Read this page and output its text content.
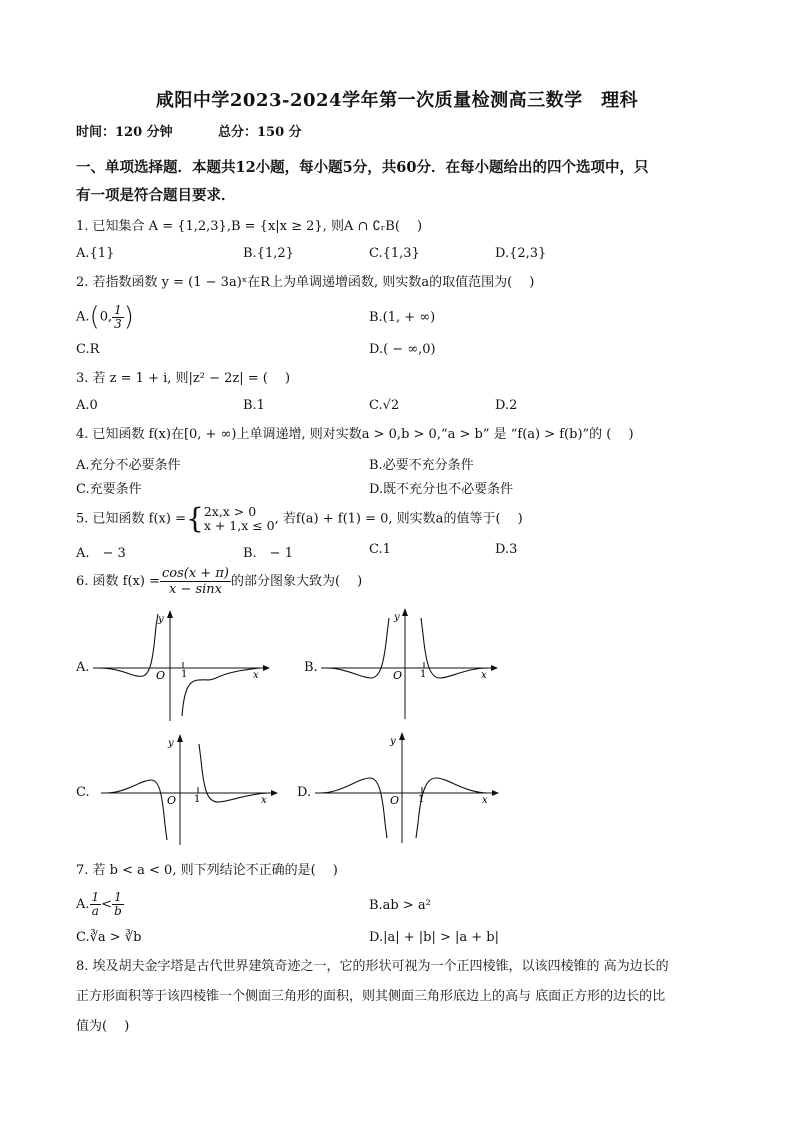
咸阳中学2023-2024学年第一次质量检测高三数学　理科
时间：120 分钟	总分：150 分
一、单项选择题．本题共12小题，每小题5分，共60分．在每小题给出的四个选项中，只
有一项是符合题目要求．
1. 已知集合 A = {1,2,3},B = {x|x ≥ 2}, 则A ∩ ∁ᵣB(　 )
A.{1}	B.{1,2}	C.{1,3}	D.{2,3}
2. 若指数函数 y = (1 − 3a)ˣ在R上为单调递增函数, 则实数a的取值范围为(　 )
A.(0, $\frac{1}{3}$ )	B.(1, + ∞)
C.R	D.( − ∞,0)
3. 若 z = 1 + i, 则|z² − 2z| = (　 )
A.0	B.1	C.√2	D.2
4. 已知函数 f(x)在[0, + ∞)上单调递增, 则对实数a > 0,b > 0,“a > b” 是 “f(a) > f(b)”的 (　 )
A.充分不必要条件	B.必要不充分条件
C.充要条件	D.既不充分也不必要条件
5. 已知函数 f(x) ={ 2x,x > 0
x + 1,x ≤ 0 , 若f(a) + f(1) = 0, 则实数a的值等于(　 )
A.　− 3	B.　− 1	C.1	D.3
6. 函数 $f(x) = \frac{\cos(x + \pi)}{x - \sin x}$ 的部分图象大致为(　 )
A.	B.
C.	D.
O 1	x
y
O 1	x
y
O 1	x
y
O 1	x
y
7. 若 b < a < 0, 则下列结论不正确的是(　 )
A. $\frac{1}{a} < \frac{1}{b}$	B.ab > a²
C.∛a > ∛b	D.|a| + |b| > |a + b|
8. 埃及胡夫金字塔是古代世界建筑奇迹之一，它的形状可视为一个正四棱锥，以该四棱锥的 高为边长的
正方形面积等于该四棱锥一个侧面三角形的面积，则其侧面三角形底边上的高与 底面正方形的边长的比
值为(　 )
